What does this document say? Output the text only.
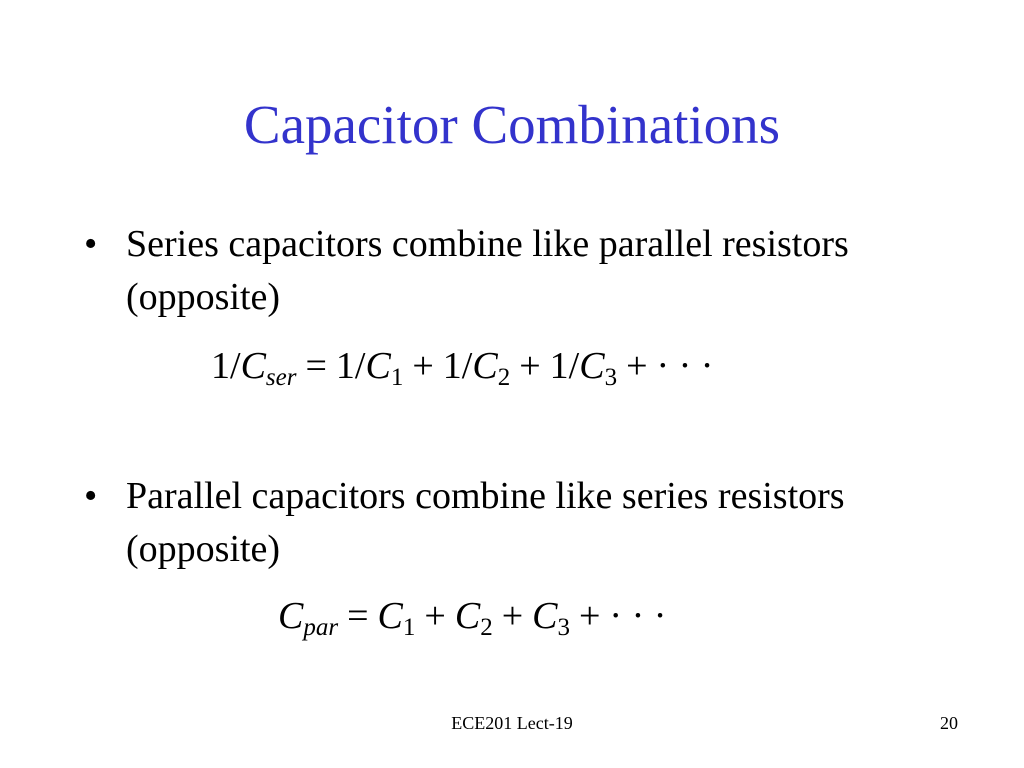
Capacitor Combinations
• Series capacitors combine like parallel resistors (opposite)
$1/C_{ser} = 1/C_1 + 1/C_2 + 1/C_3$ + · · ·
• Parallel capacitors combine like series resistors (opposite)
$C_{par} = C_1 + C_2 + C_3$ + · · ·
ECE201 Lect-19	20
